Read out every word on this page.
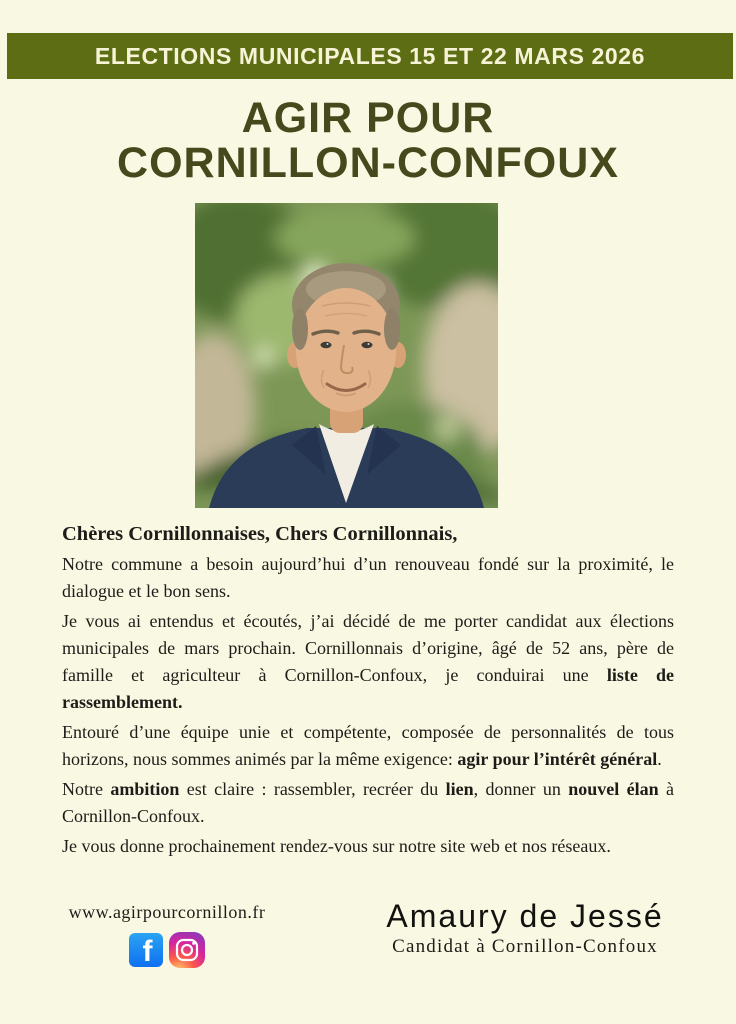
ELECTIONS MUNICIPALES 15 ET 22 MARS 2026
AGIR POUR
CORNILLON-CONFOUX

Chères Cornillonnaises, Chers Cornillonnais,

Notre commune a besoin aujourd’hui d’un renouveau fondé sur la proximité, le dialogue et le bon sens.

Je vous ai entendus et écoutés, j’ai décidé de me porter candidat aux élections municipales de mars prochain. Cornillonnais d’origine, âgé de 52 ans, père de famille et agriculteur à Cornillon-Confoux, je conduirai une liste de rassemblement.

Entouré d’une équipe unie et compétente, composée de personnalités de tous horizons, nous sommes animés par la même exigence: agir pour l’intérêt général.

Notre ambition est claire : rassembler, recréer du lien, donner un nouvel élan à Cornillon-Confoux.

Je vous donne prochainement rendez-vous sur notre site web et nos réseaux.

www.agirpourcornillon.fr
f
Amaury de Jessé
Candidat à Cornillon-Confoux
